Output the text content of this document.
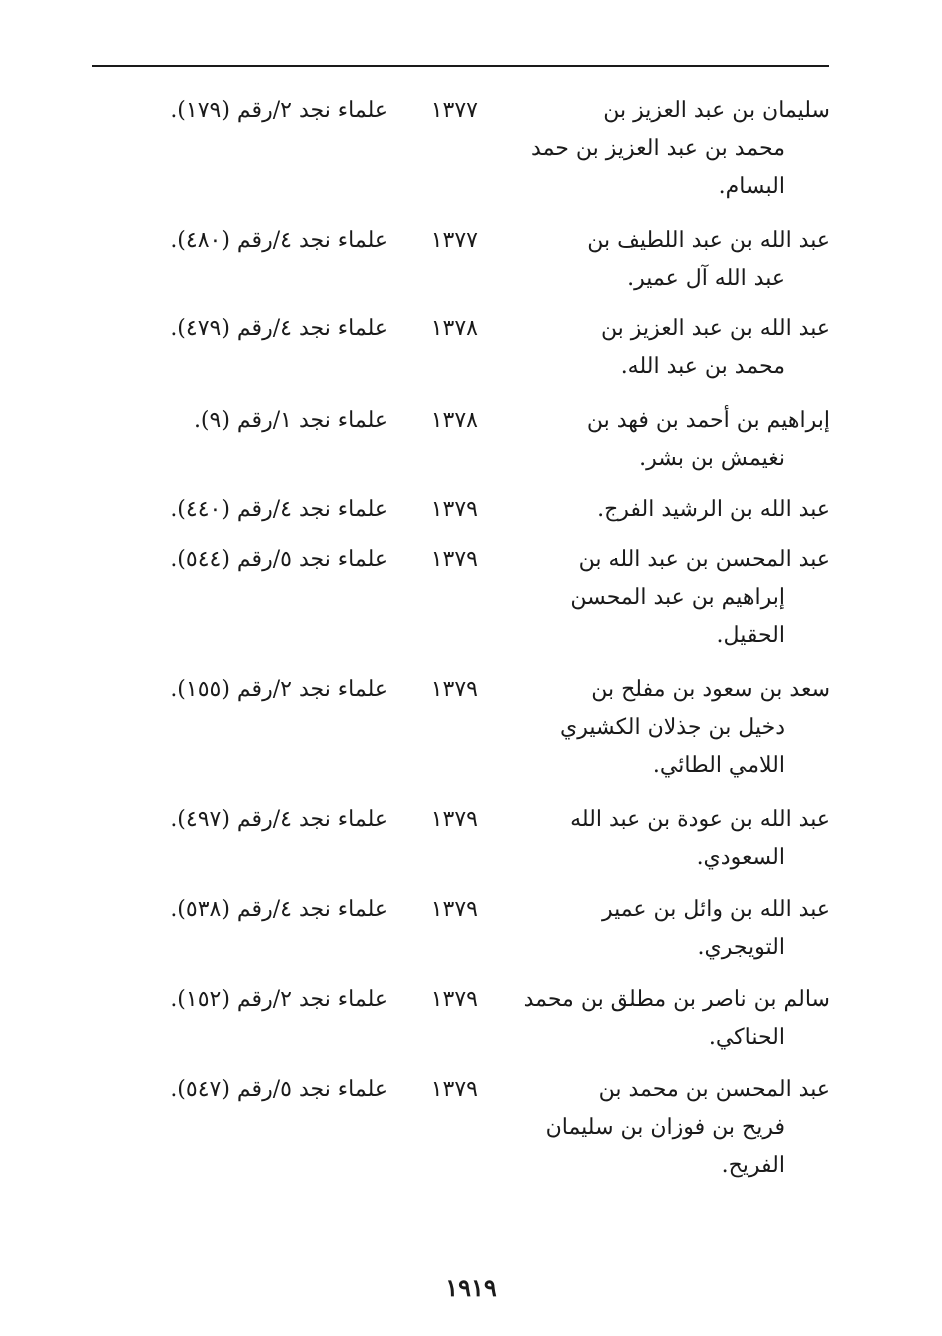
سليمان بن عبد العزيز بن
محمد بن عبد العزيز بن حمد
البسام.
١٣٧٧
علماء نجد ٢/رقم (١٧٩).
عبد الله بن عبد اللطيف بن
عبد الله آل عمير.
١٣٧٧
علماء نجد ٤/رقم (٤٨٠).
عبد الله بن عبد العزيز بن
محمد بن عبد الله.
١٣٧٨
علماء نجد ٤/رقم (٤٧٩).
إبراهيم بن أحمد بن فهد بن
نغيمش بن بشر.
١٣٧٨
علماء نجد ١/رقم (٩).
عبد الله بن الرشيد الفرج.
١٣٧٩
علماء نجد ٤/رقم (٤٤٠).
عبد المحسن بن عبد الله بن
إبراهيم بن عبد المحسن
الحقيل.
١٣٧٩
علماء نجد ٥/رقم (٥٤٤).
سعد بن سعود بن مفلح بن
دخيل بن جذلان الكشيري
اللامي الطائي.
١٣٧٩
علماء نجد ٢/رقم (١٥٥).
عبد الله بن عودة بن عبد الله
السعودي.
١٣٧٩
علماء نجد ٤/رقم (٤٩٧).
عبد الله بن وائل بن عمير
التويجري.
١٣٧٩
علماء نجد ٤/رقم (٥٣٨).
سالم بن ناصر بن مطلق بن محمد
الحناكي.
١٣٧٩
علماء نجد ٢/رقم (١٥٢).
عبد المحسن بن محمد بن
فريح بن فوزان بن سليمان
الفريح.
١٣٧٩
علماء نجد ٥/رقم (٥٤٧).
١٩١٩
